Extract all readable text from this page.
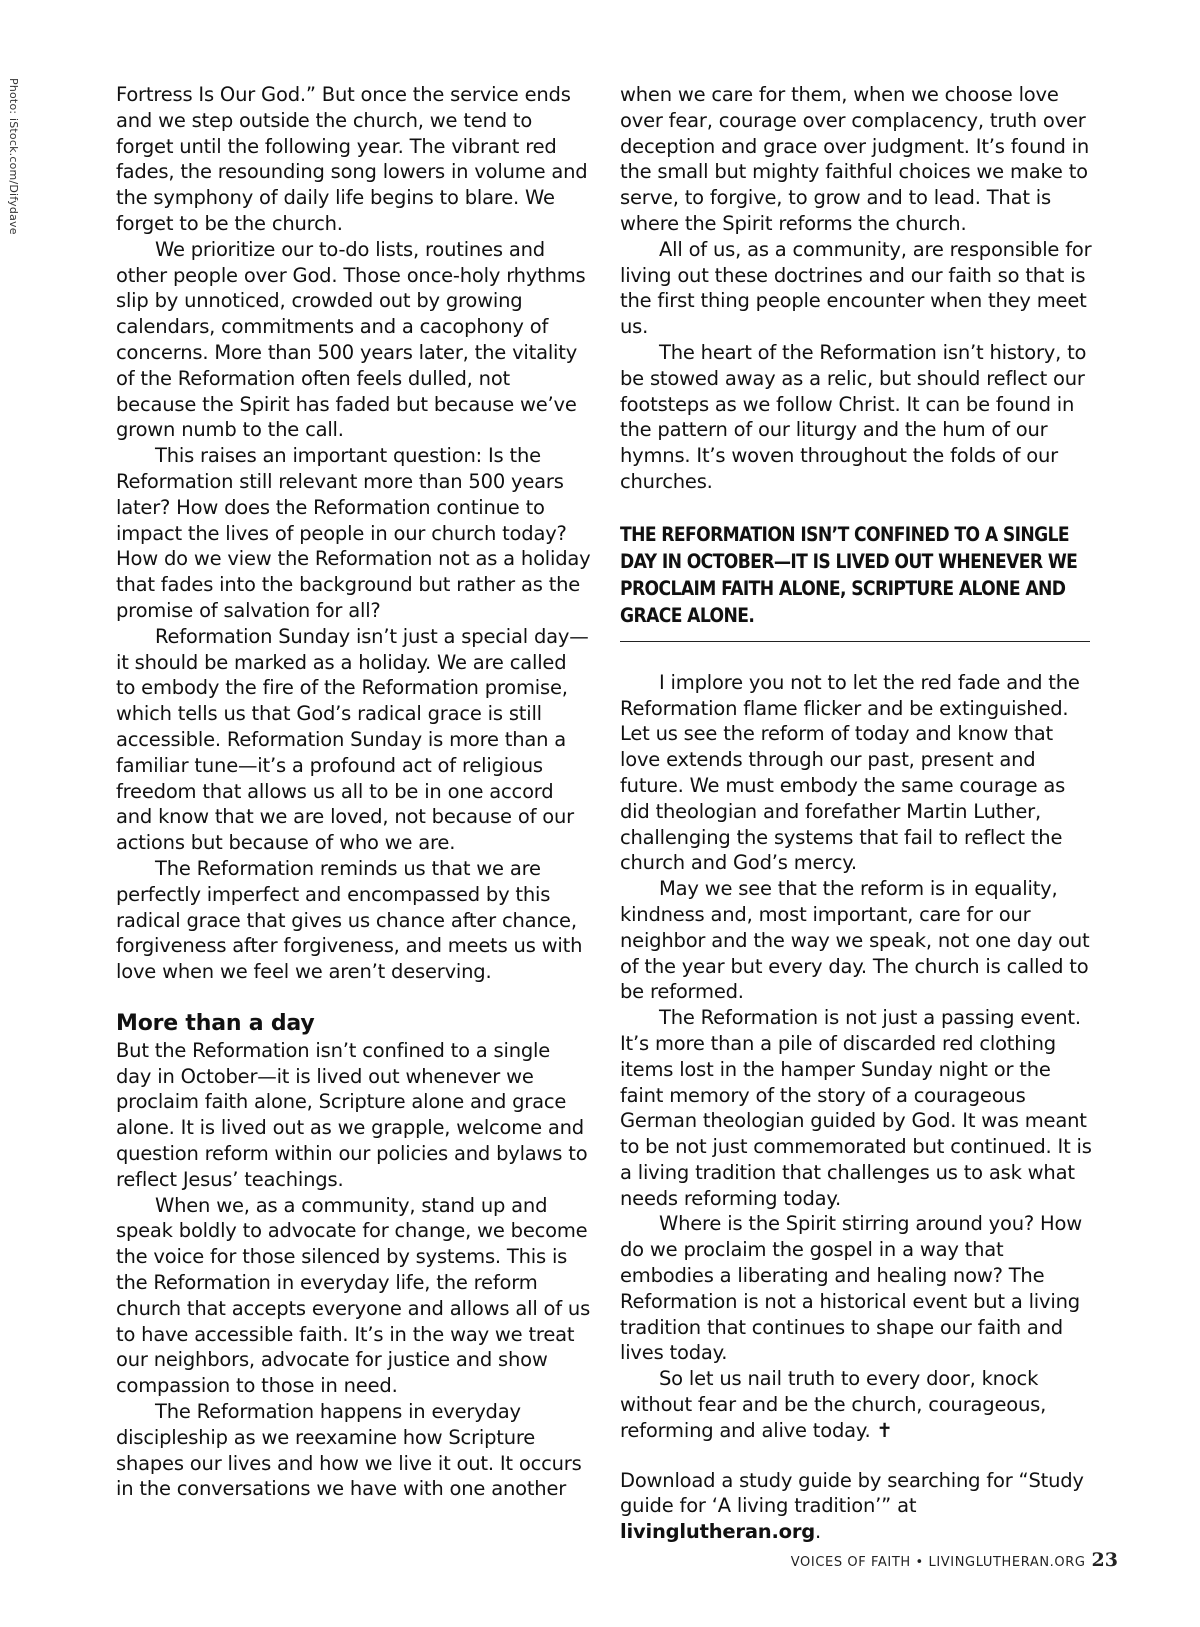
Photo: iStock.com/Difydave	Fortress Is Our God.” But once the service ends and we step outside the church, we tend to forget until the following year. The vibrant red fades, the resounding song lowers in volume and the symphony of daily life begins to blare. We forget to be the church.

We prioritize our to-do lists, routines and other people over God. Those once-holy rhythms slip by unnoticed, crowded out by growing calendars, commitments and a cacophony of concerns. More than 500 years later, the vitality of the Reformation often feels dulled, not because the Spirit has faded but because we’ve grown numb to the call.

This raises an important question: Is the Reformation still relevant more than 500 years later? How does the Reformation continue to impact the lives of people in our church today? How do we view the Reformation not as a holiday that fades into the background but rather as the promise of salvation for all?

Reformation Sunday isn’t just a special day—it should be marked as a holiday. We are called to embody the fire of the Reformation promise, which tells us that God’s radical grace is still accessible. Reformation Sunday is more than a familiar tune—it’s a profound act of religious freedom that allows us all to be in one accord and know that we are loved, not because of our actions but because of who we are.

The Reformation reminds us that we are perfectly imperfect and encompassed by this radical grace that gives us chance after chance, forgiveness after forgiveness, and meets us with love when we feel we aren’t deserving.

More than a day

But the Reformation isn’t confined to a single day in October—it is lived out whenever we proclaim faith alone, Scripture alone and grace alone. It is lived out as we grapple, welcome and question reform within our policies and bylaws to reflect Jesus’ teachings.

When we, as a community, stand up and speak boldly to advocate for change, we become the voice for those silenced by systems. This is the Reformation in everyday life, the reform church that accepts everyone and allows all of us to have accessible faith. It’s in the way we treat our neighbors, advocate for justice and show compassion to those in need.

The Reformation happens in everyday discipleship as we reexamine how Scripture shapes our lives and how we live it out. It occurs in the conversations we have with one another

when we care for them, when we choose love over fear, courage over complacency, truth over deception and grace over judgment. It’s found in the small but mighty faithful choices we make to serve, to forgive, to grow and to lead. That is where the Spirit reforms the church.

All of us, as a community, are responsible for living out these doctrines and our faith so that is the first thing people encounter when they meet us.

The heart of the Reformation isn’t history, to be stowed away as a relic, but should reflect our footsteps as we follow Christ. It can be found in the pattern of our liturgy and the hum of our hymns. It’s woven throughout the folds of our churches.

THE REFORMATION ISN’T CONFINED TO A SINGLE DAY IN OCTOBER—IT IS LIVED OUT WHENEVER WE PROCLAIM FAITH ALONE, SCRIPTURE ALONE AND GRACE ALONE.

I implore you not to let the red fade and the Reformation flame flicker and be extinguished. Let us see the reform of today and know that love extends through our past, present and future. We must embody the same courage as did theologian and forefather Martin Luther, challenging the systems that fail to reflect the church and God’s mercy.

May we see that the reform is in equality, kindness and, most important, care for our neighbor and the way we speak, not one day out of the year but every day. The church is called to be reformed.

The Reformation is not just a passing event. It’s more than a pile of discarded red clothing items lost in the hamper Sunday night or the faint memory of the story of a courageous German theologian guided by God. It was meant to be not just commemorated but continued. It is a living tradition that challenges us to ask what needs reforming today.

Where is the Spirit stirring around you? How do we proclaim the gospel in a way that embodies a liberating and healing now? The Reformation is not a historical event but a living tradition that continues to shape our faith and lives today.

So let us nail truth to every door, knock without fear and be the church, courageous, reforming and alive today. ✝

Download a study guide by searching for “Study guide for ‘A living tradition’” at livinglutheran.org.

VOICES OF FAITH • LIVINGLUTHERAN.ORG 23
